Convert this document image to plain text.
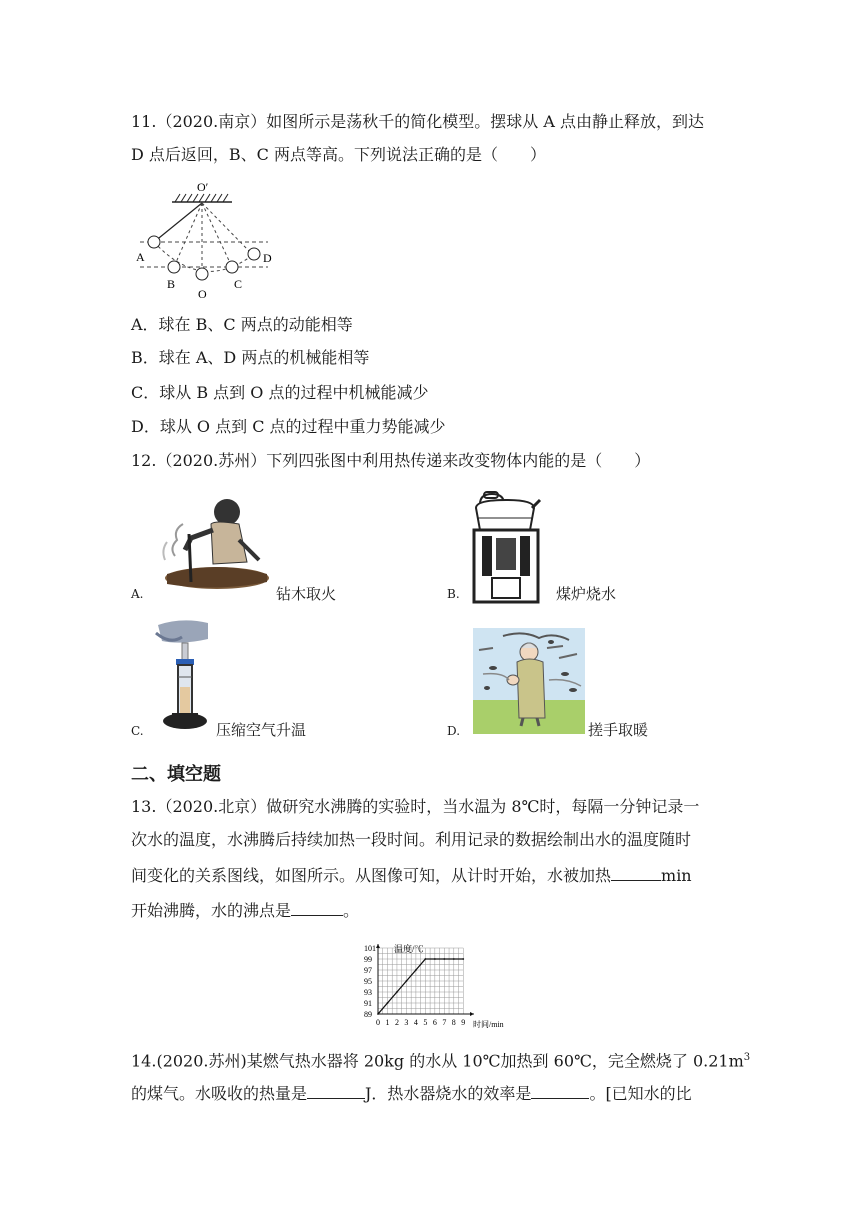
11.（2020.南京）如图所示是荡秋千的简化模型。摆球从 A 点由静止释放，到达
D 点后返回，B、C 两点等高。下列说法正确的是（　　）
O′
A
B
O
C
D
A．球在 B、C 两点的动能相等
B．球在 A、D 两点的机械能相等
C．球从 B 点到 O 点的过程中机械能减少
D．球从 O 点到 C 点的过程中重力势能减少
12.（2020.苏州）下列四张图中利用热传递来改变物体内能的是（　　）
A.	钻木取火	B.	煤炉烧水
C.	压缩空气升温	D.	搓手取暖
二、填空题
13.（2020.北京）做研究水沸腾的实验时，当水温为 8℃时，每隔一分钟记录一
次水的温度，水沸腾后持续加热一段时间。利用记录的数据绘制出水的温度随时
间变化的关系图线，如图所示。从图像可知，从计时开始，水被加热	min
开始沸腾，水的沸点是	。
0 1 2 3 4 5 6 7 8 9
89
91
93
95
97
99
101 温度/℃
时间/min
14.(2020.苏州)某燃气热水器将 20kg 的水从 10℃加热到 60℃，完全燃烧了 $0.21m^3$
的煤气。水吸收的热量是	J．热水器烧水的效率是	。[已知水的比
